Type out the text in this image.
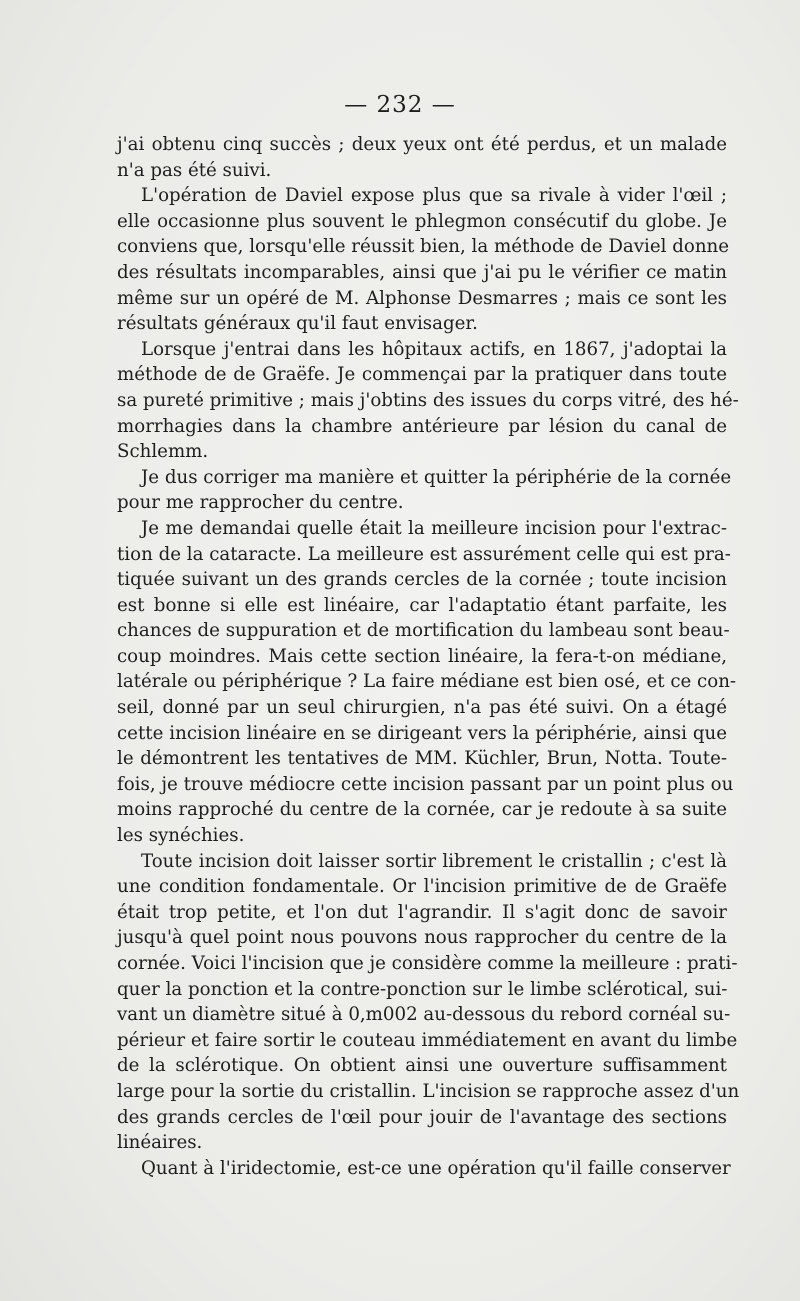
— 232 —
j'ai obtenu cinq succès ; deux yeux ont été perdus, et un malade
n'a pas été suivi.
L'opération de Daviel expose plus que sa rivale à vider l'œil ;
elle occasionne plus souvent le phlegmon consécutif du globe. Je
conviens que, lorsqu'elle réussit bien, la méthode de Daviel donne
des résultats incomparables, ainsi que j'ai pu le vérifier ce matin
même sur un opéré de M. Alphonse Desmarres ; mais ce sont les
résultats généraux qu'il faut envisager.
Lorsque j'entrai dans les hôpitaux actifs, en 1867, j'adoptai la
méthode de de Graëfe. Je commençai par la pratiquer dans toute
sa pureté primitive ; mais j'obtins des issues du corps vitré, des hé-
morrhagies dans la chambre antérieure par lésion du canal de
Schlemm.
Je dus corriger ma manière et quitter la périphérie de la cornée
pour me rapprocher du centre.
Je me demandai quelle était la meilleure incision pour l'extrac-
tion de la cataracte. La meilleure est assurément celle qui est pra-
tiquée suivant un des grands cercles de la cornée ; toute incision
est bonne si elle est linéaire, car l'adaptatio étant parfaite, les
chances de suppuration et de mortification du lambeau sont beau-
coup moindres. Mais cette section linéaire, la fera-t-on médiane,
latérale ou périphérique ? La faire médiane est bien osé, et ce con-
seil, donné par un seul chirurgien, n'a pas été suivi. On a étagé
cette incision linéaire en se dirigeant vers la périphérie, ainsi que
le démontrent les tentatives de MM. Küchler, Brun, Notta. Toute-
fois, je trouve médiocre cette incision passant par un point plus ou
moins rapproché du centre de la cornée, car je redoute à sa suite
les synéchies.
Toute incision doit laisser sortir librement le cristallin ; c'est là
une condition fondamentale. Or l'incision primitive de de Graëfe
était trop petite, et l'on dut l'agrandir. Il s'agit donc de savoir
jusqu'à quel point nous pouvons nous rapprocher du centre de la
cornée. Voici l'incision que je considère comme la meilleure : prati-
quer la ponction et la contre-ponction sur le limbe sclérotical, sui-
vant un diamètre situé à 0,m002 au-dessous du rebord cornéal su-
périeur et faire sortir le couteau immédiatement en avant du limbe
de la sclérotique. On obtient ainsi une ouverture suffisamment
large pour la sortie du cristallin. L'incision se rapproche assez d'un
des grands cercles de l'œil pour jouir de l'avantage des sections
linéaires.
Quant à l'iridectomie, est-ce une opération qu'il faille conserver
